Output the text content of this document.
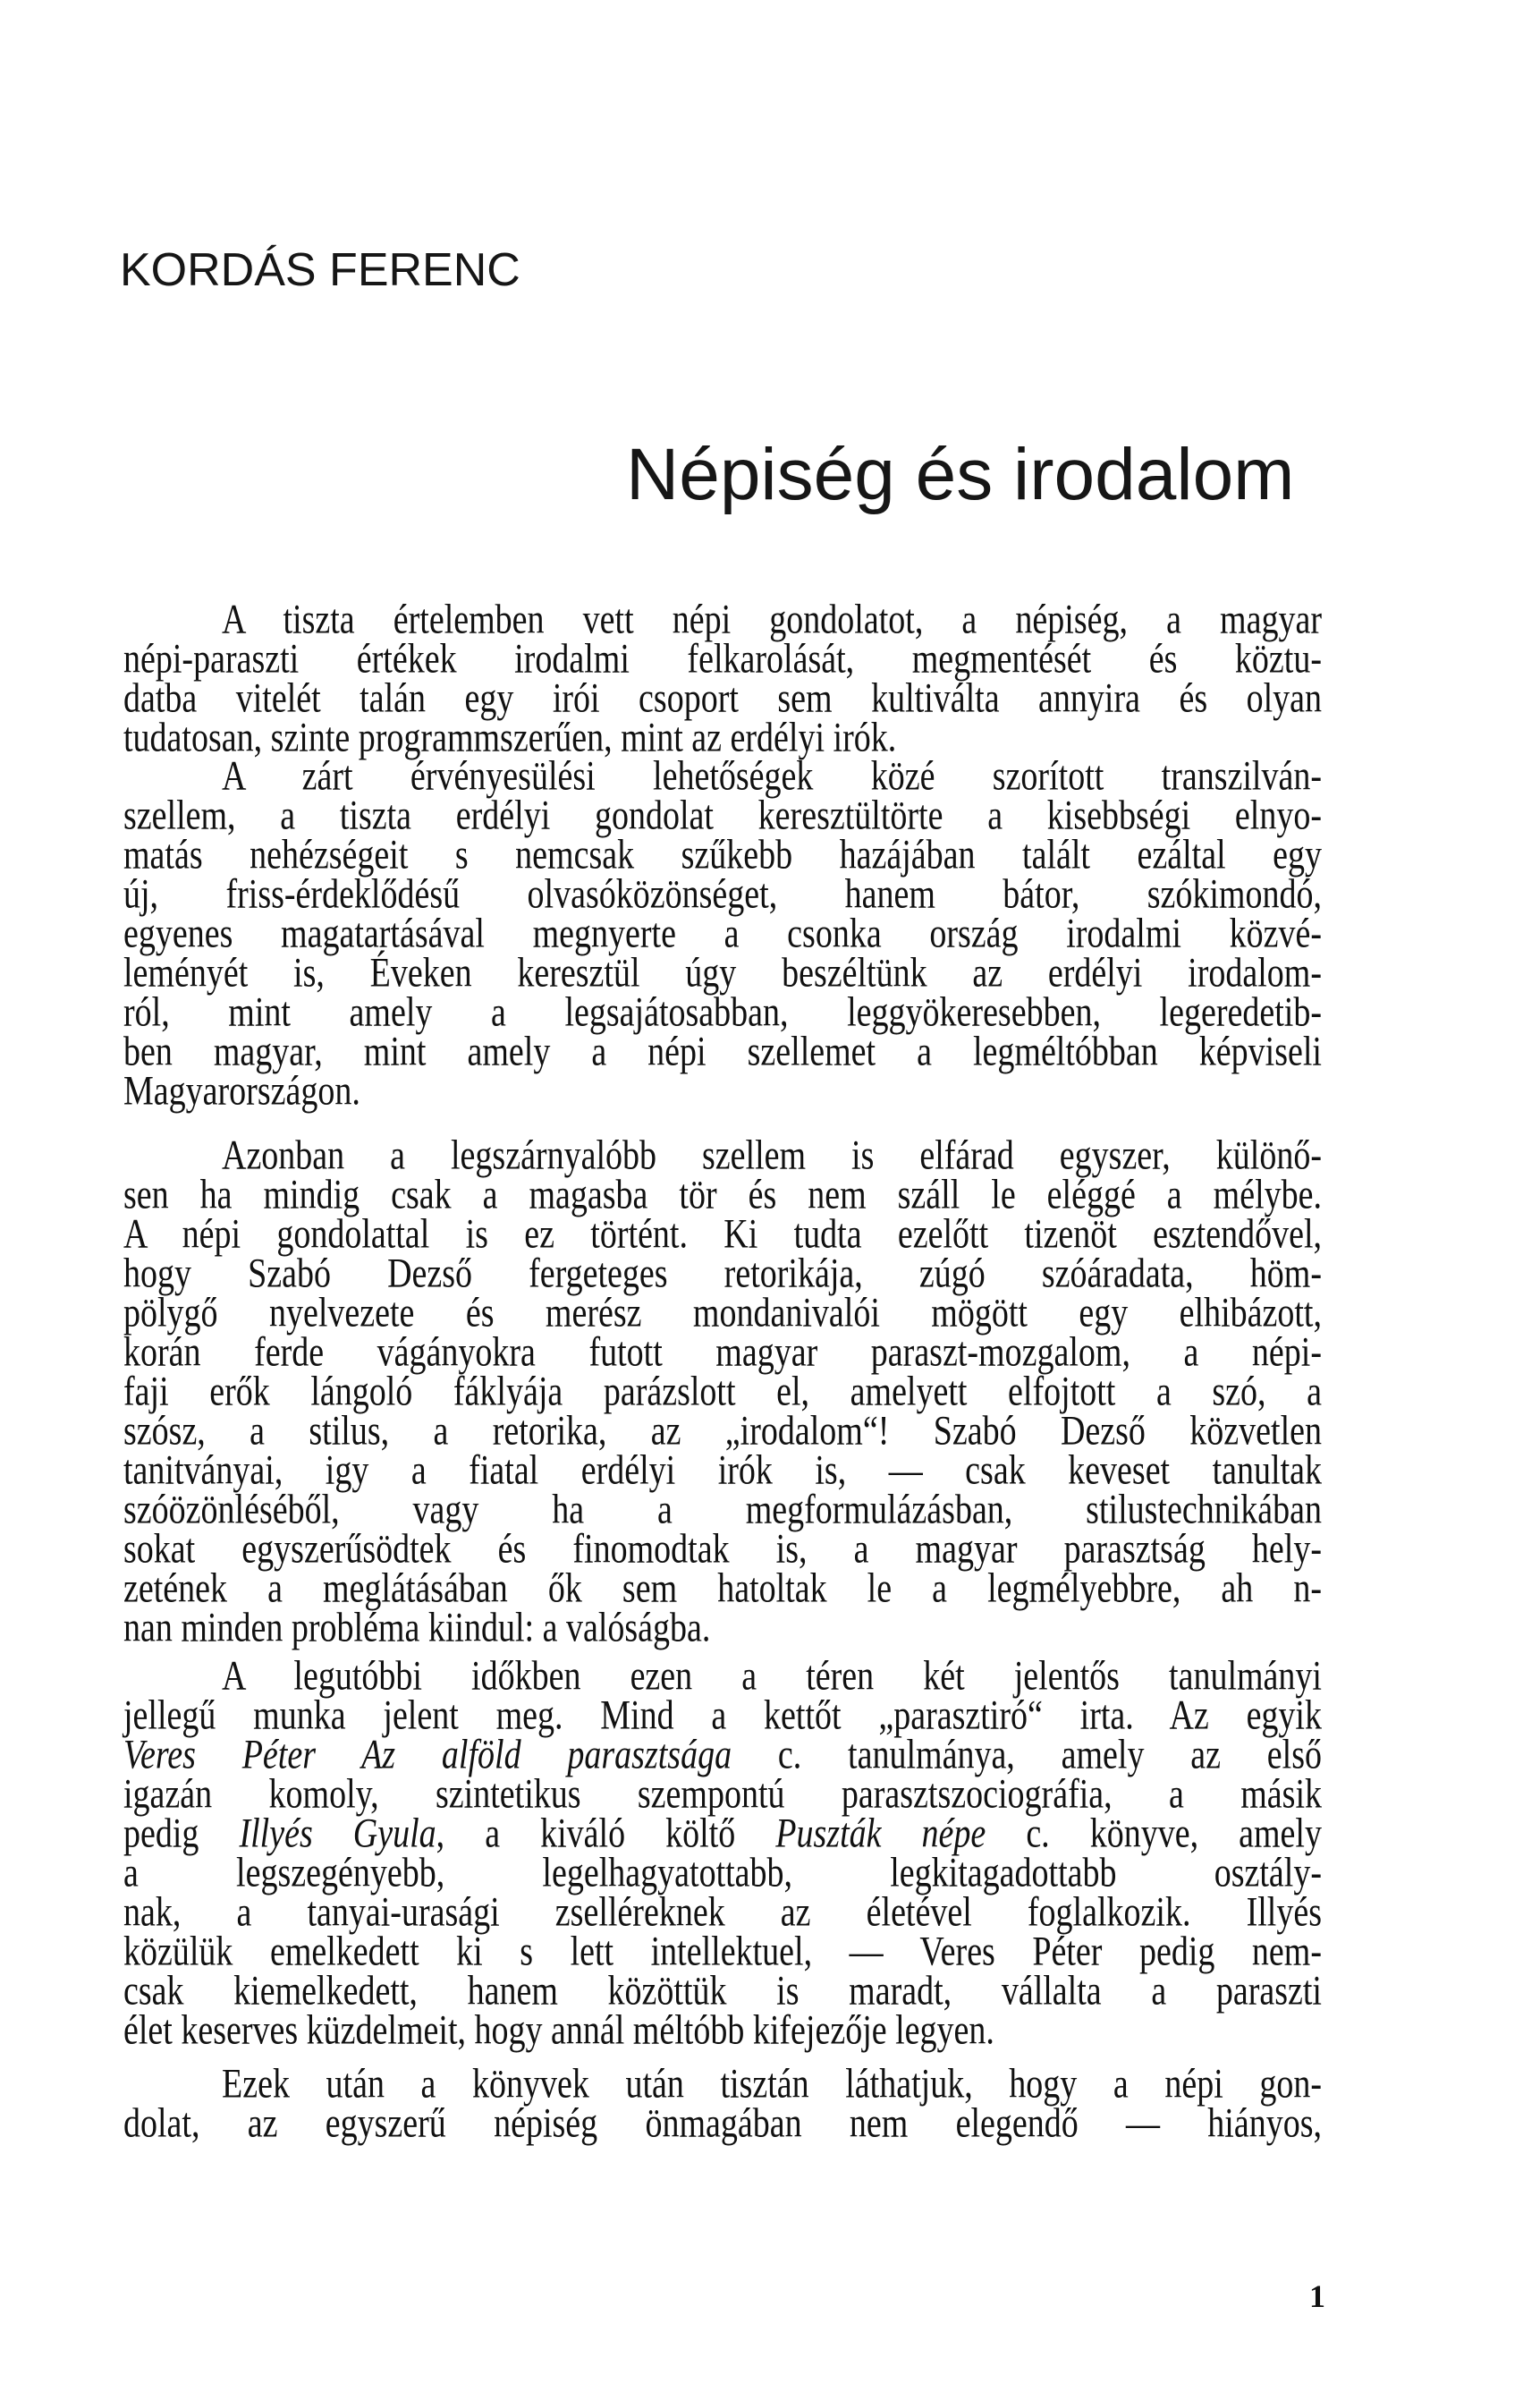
KORDÁS FERENC
Népiség és irodalom
A tiszta értelemben vett népi gondolatot, a népiség, a magyar
népi-paraszti értékek irodalmi felkarolását, megmentését és köztu-
datba vitelét talán egy irói csoport sem kultiválta annyira és olyan
tudatosan, szinte programmszerűen, mint az erdélyi irók.
A zárt érvényesülési lehetőségek közé szorított transzilván-
szellem, a tiszta erdélyi gondolat keresztültörte a kisebbségi elnyo-
matás nehézségeit s nemcsak szűkebb hazájában talált ezáltal egy
új, friss-érdeklődésű olvasóközönséget, hanem bátor, szókimondó,
egyenes magatartásával megnyerte a csonka ország irodalmi közvé-
leményét is, Éveken keresztül úgy beszéltünk az erdélyi irodalom-
ról, mint amely a legsajátosabban, leggyökeresebben, legeredetib-
ben magyar, mint amely a népi szellemet a legméltóbban képviseli
Magyarországon.
Azonban a legszárnyalóbb szellem is elfárad egyszer, különő-
sen ha mindig csak a magasba tör és nem száll le eléggé a mélybe.
A népi gondolattal is ez történt. Ki tudta ezelőtt tizenöt esztendővel,
hogy Szabó Dezső fergeteges retorikája, zúgó szóáradata, höm-
pölygő nyelvezete és merész mondanivalói mögött egy elhibázott,
korán ferde vágányokra futott magyar paraszt-mozgalom, a népi-
faji erők lángoló fáklyája parázslott el, amelyett elfojtott a szó, a
szósz, a stilus, a retorika, az „irodalom“! Szabó Dezső közvetlen
tanitványai, igy a fiatal erdélyi irók is, — csak keveset tanultak
szóözönléséből, vagy ha a megformulázásban, stilustechnikában
sokat egyszerűsödtek és finomodtak is, a magyar parasztság hely-
zetének a meglátásában ők sem hatoltak le a legmélyebbre, ah n-
nan minden probléma kiindul: a valóságba.
A legutóbbi időkben ezen a téren két jelentős tanulmányi
jellegű munka jelent meg. Mind a kettőt „parasztiró“ irta. Az egyik
Veres Péter Az alföld parasztsága c. tanulmánya, amely az első
igazán komoly, szintetikus szempontú parasztszociográfia, a másik
pedig Illyés Gyula, a kiváló költő Puszták népe c. könyve, amely
a legszegényebb, legelhagyatottabb, legkitagadottabb osztály-
nak, a tanyai-urasági zselléreknek az életével foglalkozik. Illyés
közülük emelkedett ki s lett intellektuel, — Veres Péter pedig nem-
csak kiemelkedett, hanem közöttük is maradt, vállalta a paraszti
élet keserves küzdelmeit, hogy annál méltóbb kifejezője legyen.
Ezek után a könyvek után tisztán láthatjuk, hogy a népi gon-
dolat, az egyszerű népiség önmagában nem elegendő — hiányos,
1
